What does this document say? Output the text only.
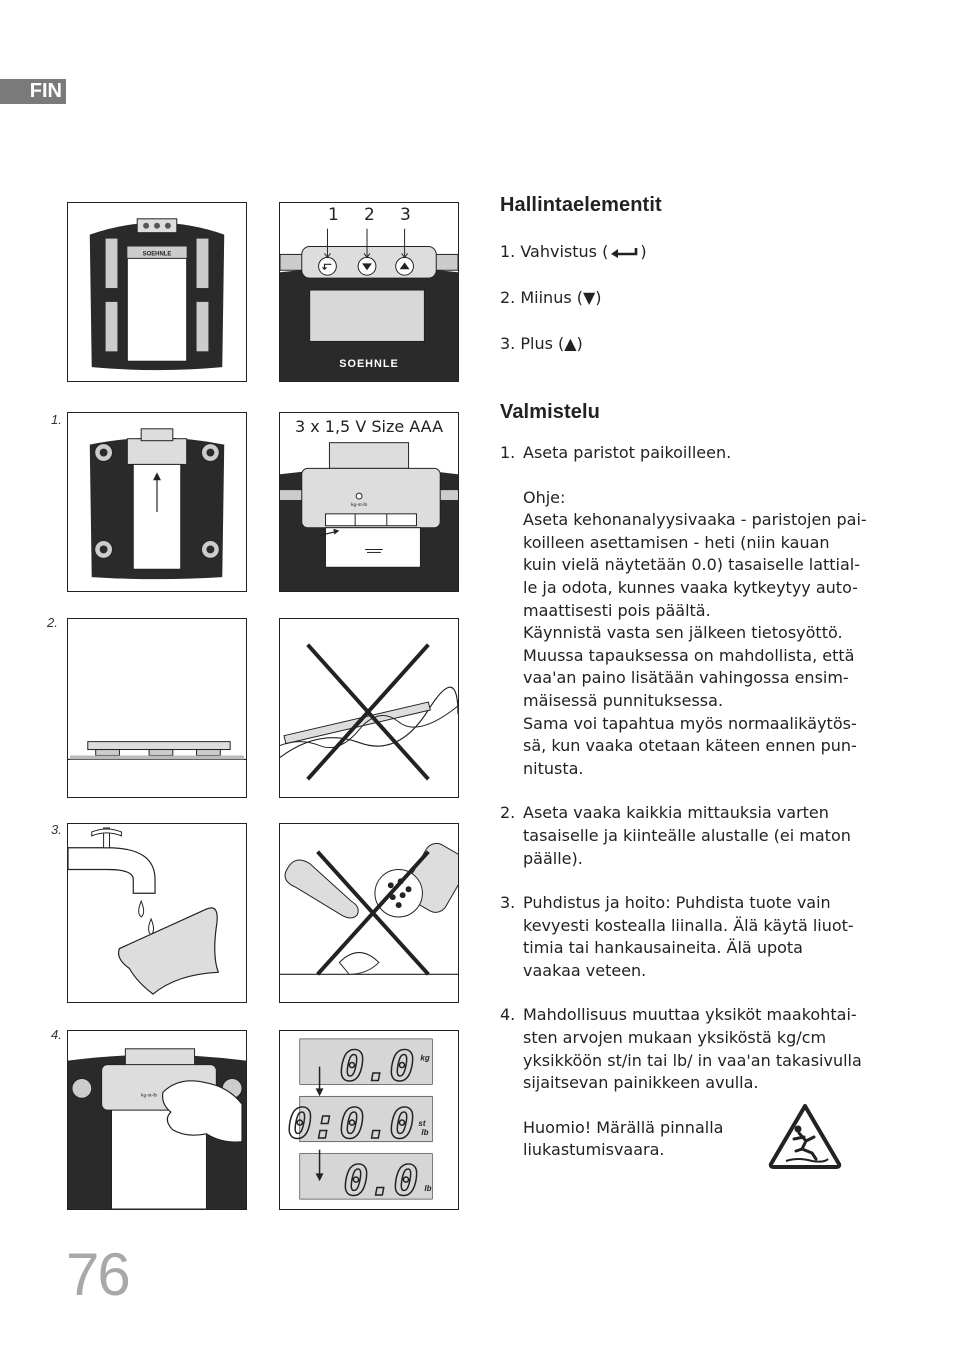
FIN
SOEHNLE
SOEHNLE
1 2 3
1.
kg-st-lb
3 x 1,5 V Size AAA
2.
3.
4.
kg-st-lb
0.0 kg
0: 0.0 st
lb
0.0 lb
Hallintaelementit
1. Vahvistus ( )
2. Miinus (▼)
3. Plus (▲)
Valmistelu
1. Aseta paristot paikoilleen.

Ohje:

Aseta kehonanalyysivaaka - paristojen pai-

koilleen asettamisen - heti (niin kauan

kuin vielä näytetään 0.0) tasaiselle lattial-

le ja odota, kunnes vaaka kytkeytyy auto-

maattisesti pois päältä.

Käynnistä vasta sen jälkeen tietosyöttö.

Muussa tapauksessa on mahdollista, että

vaa'an paino lisätään vahingossa ensim-

mäisessä punnituksessa.

Sama voi tapahtua myös normaalikäytös-

sä, kun vaaka otetaan käteen ennen pun-

nitusta.

2. Aseta vaaka kaikkia mittauksia varten

tasaiselle ja kiinteälle alustalle (ei maton

päälle).

3. Puhdistus ja hoito: Puhdista tuote vain

kevyesti kostealla liinalla. Älä käytä liuot-

timia tai hankausaineita. Älä upota

vaakaa veteen.

4. Mahdollisuus muuttaa yksiköt maakohtai-

sten arvojen mukaan yksiköstä kg/cm

yksikköön st/in tai lb/ in vaa'an takasivulla

sijaitsevan painikkeen avulla.

Huomio! Märällä pinnalla

liukastumisvaara.

76
